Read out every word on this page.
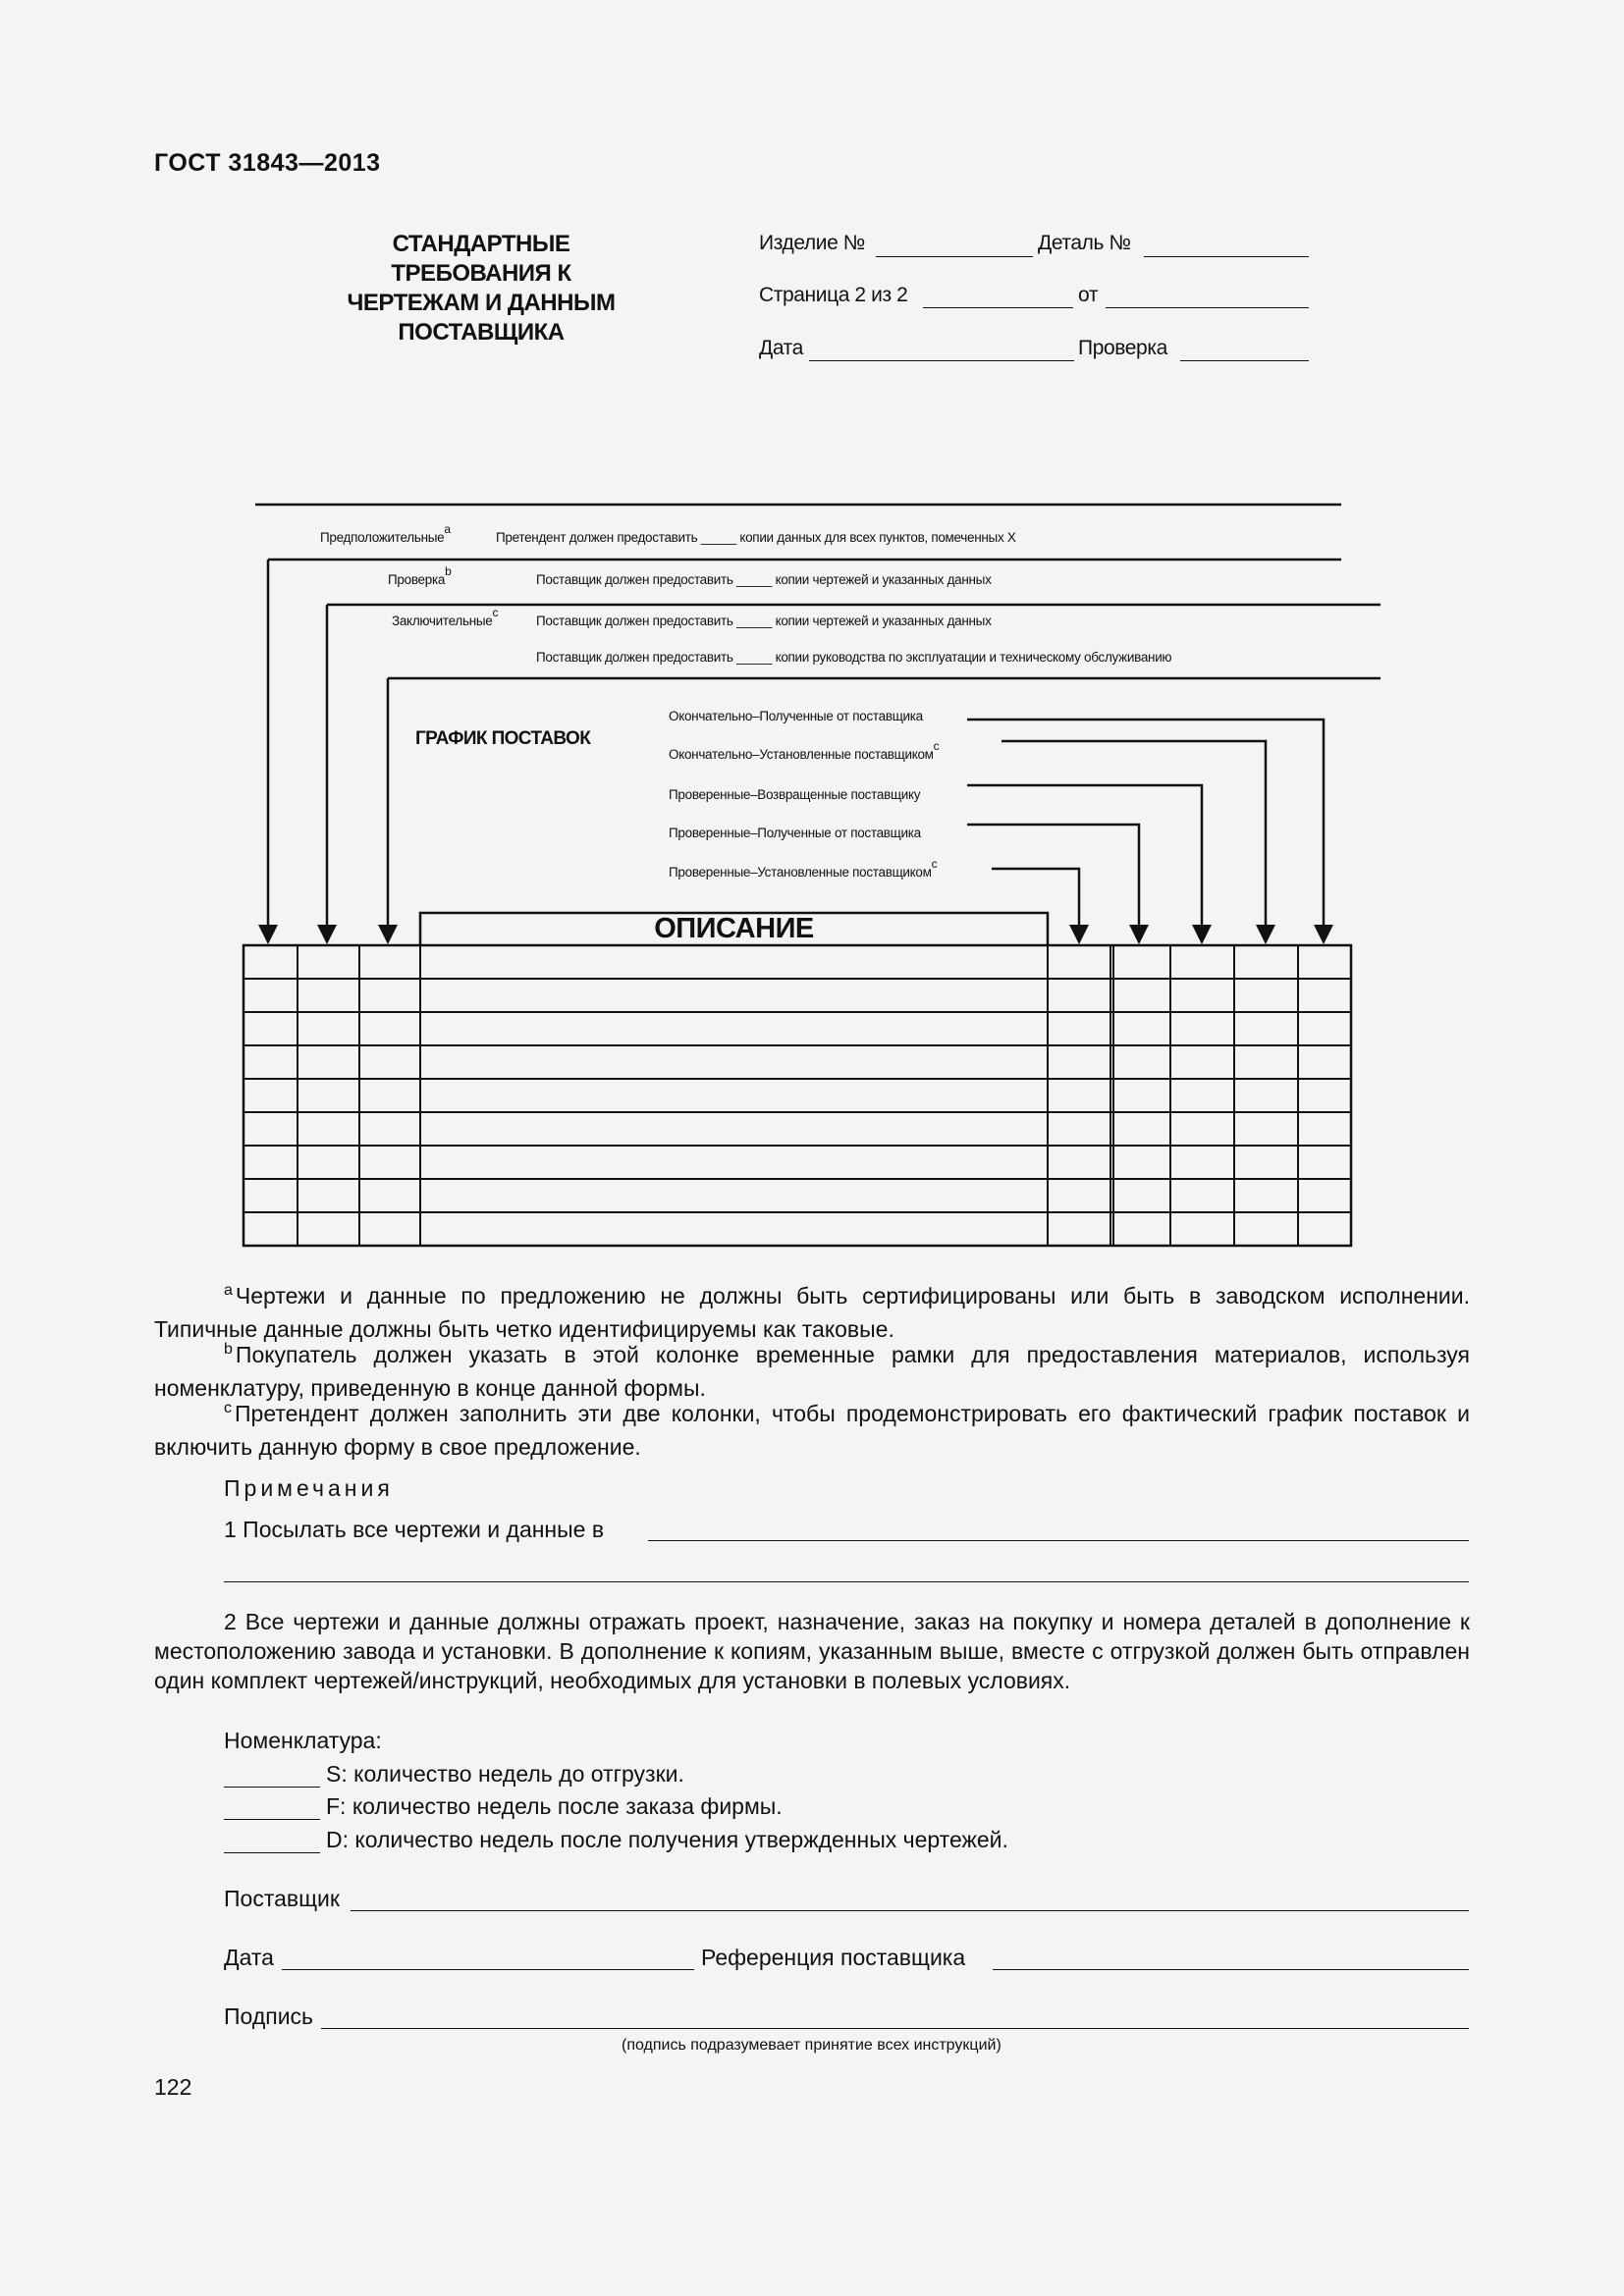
ГОСТ 31843—2013
СТАНДАРТНЫЕ ТРЕБОВАНИЯ К ЧЕРТЕЖАМ И ДАННЫМ ПОСТАВЩИКА
Изделие №	Деталь №
Страница 2 из 2	от
Дата	Проверка
Предположительныеa
Претендент должен предоставить _____ копии данных для всех пунктов, помеченных X
Проверкаb
Поставщик должен предоставить _____ копии чертежей и указанных данных
Заключительныеc
Поставщик должен предоставить _____ копии чертежей и указанных данных
Поставщик должен предоставить _____ копии руководства по эксплуатации и техническому обслуживанию
ГРАФИК ПОСТАВОК
Окончательно–Полученные от поставщика
Окончательно–Установленные поставщикомc
Проверенные–Возвращенные поставщику
Проверенные–Полученные от поставщика
Проверенные–Установленные поставщикомc
ОПИСАНИЕ
$^a$ Чертежи и данные по предложению не должны быть сертифицированы или быть в заводском исполнении. Типичные данные должны быть четко идентифицируемы как таковые.
$^b$ Покупатель должен указать в этой колонке временные рамки для предоставления материалов, используя номенклатуру, приведенную в конце данной формы.
$^c$ Претендент должен заполнить эти две колонки, чтобы продемонстрировать его фактический график поставок и включить данную форму в свое предложение.
Примечания
1 Посылать все чертежи и данные в
2 Все чертежи и данные должны отражать проект, назначение, заказ на покупку и номера деталей в дополнение к местоположению завода и установки. В дополнение к копиям, указанным выше, вместе с отгрузкой должен быть отправлен один комплект чертежей/инструкций, необходимых для установки в полевых условиях.
Номенклатура:
S: количество недель до отгрузки.
F: количество недель после заказа фирмы.
D: количество недель после получения утвержденных чертежей.
Поставщик
Дата	Референция поставщика
Подпись
(подпись подразумевает принятие всех инструкций)
122
